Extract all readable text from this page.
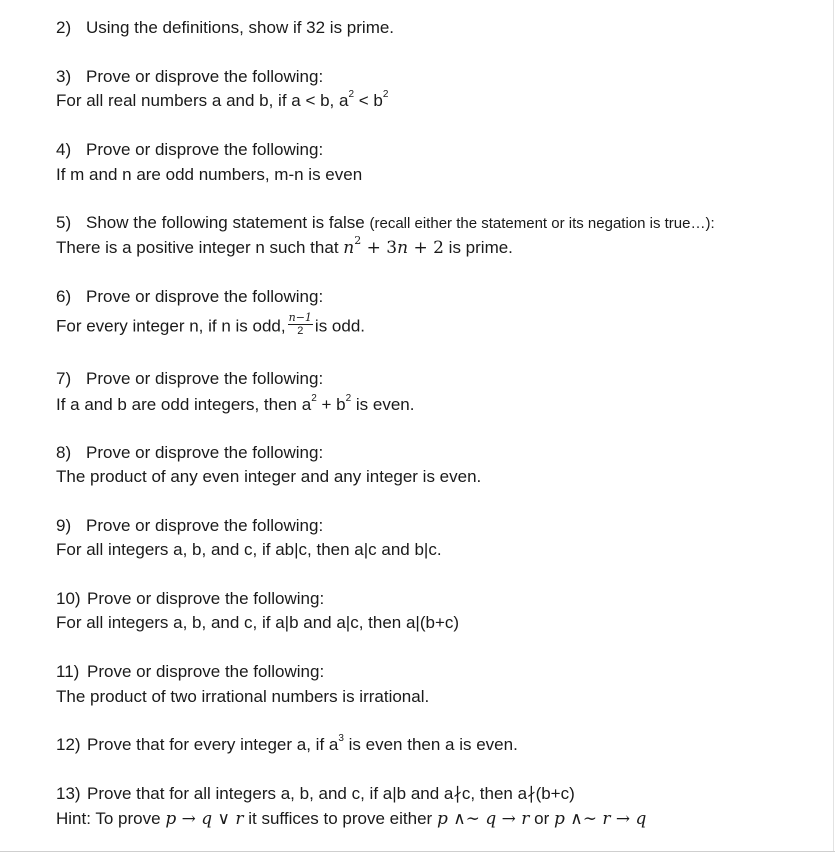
2) Using the definitions, show if 32 is prime.
3) Prove or disprove the following:
For all real numbers a and b, if a < b, $a^2 < b^2$
4) Prove or disprove the following:
If m and n are odd numbers, m-n is even
5) Show the following statement is false (recall either the statement or its negation is true…):
There is a positive integer n such that $n^2 + 3n + 2$ is prime.
6) Prove or disprove the following:
For every integer n, if n is odd, $\frac{n-1}{2}$ is odd.
7) Prove or disprove the following:
If a and b are odd integers, then $a^2 + b^2$ is even.
8) Prove or disprove the following:
The product of any even integer and any integer is even.
9) Prove or disprove the following:
For all integers a, b, and c, if ab|c, then a|c and b|c.
10) Prove or disprove the following:
For all integers a, b, and c, if a|b and a|c, then a|(b+c)
11) Prove or disprove the following:
The product of two irrational numbers is irrational.
12) Prove that for every integer a, if $a^3$ is even then a is even.
13) Prove that for all integers a, b, and c, if a|b and a∤c, then a∤(b+c)
Hint: To prove p → q ∨ r it suffices to prove either p ∧∼ q → r or p ∧∼ r → q
